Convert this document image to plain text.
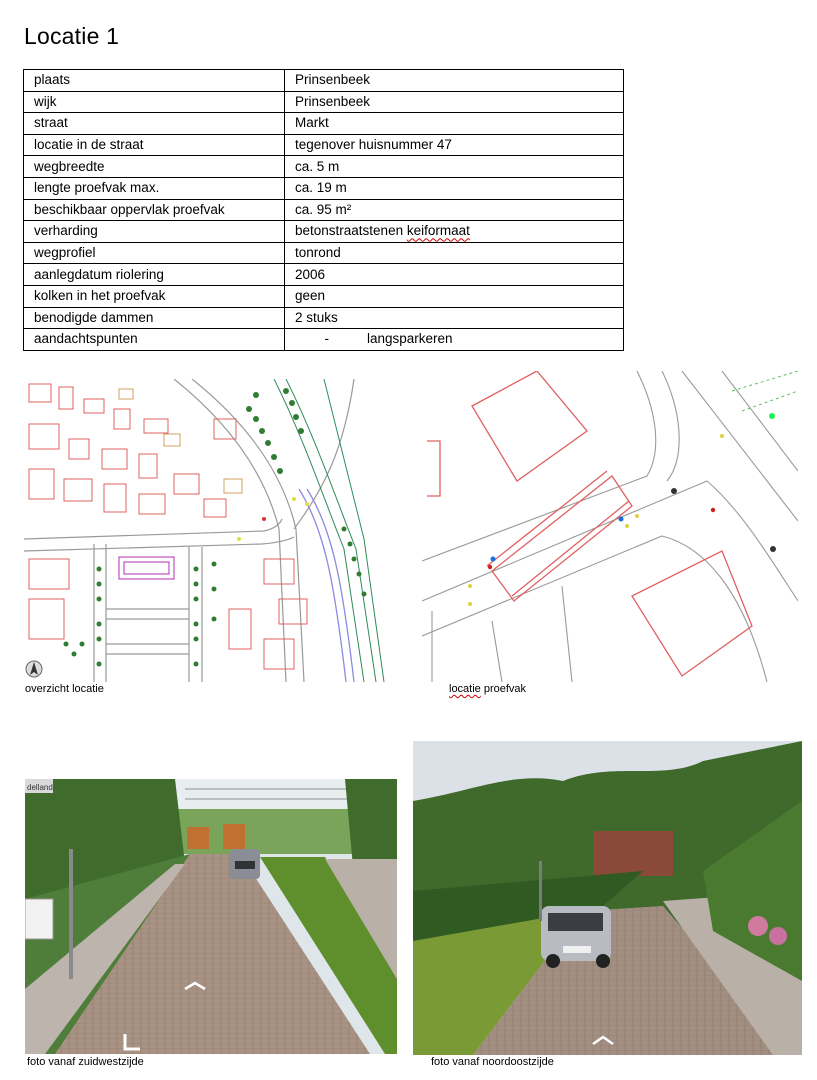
Locatie 1
plaats	Prinsenbeek
wijk	Prinsenbeek
straat	Markt
locatie in de straat	tegenover huisnummer 47
wegbreedte	ca. 5 m
lengte proefvak max.	ca. 19 m
beschikbaar oppervlak proefvak	ca. 95 m²
verharding	betonstraatstenen keiformaat
wegprofiel	tonrond
aanlegdatum riolering	2006
kolken in het proefvak	geen
benodigde dammen	2 stuks
aandachtspunten	- langsparkeren
overzicht locatie	locatie proefvak
delland
foto vanaf zuidwestzijde	foto vanaf noordoostzijde
